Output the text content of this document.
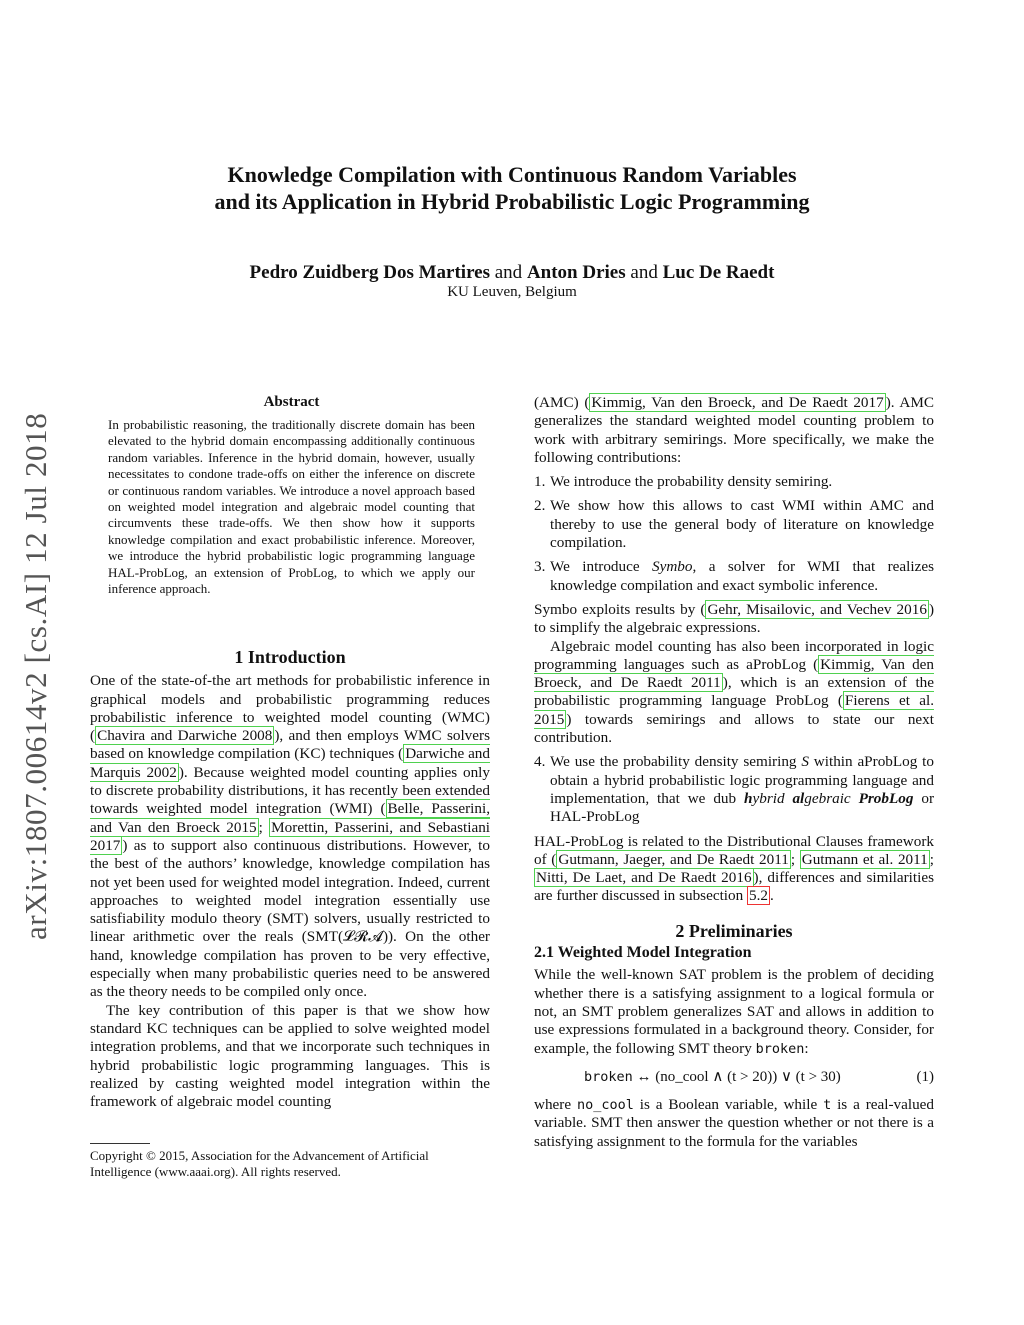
arXiv:1807.00614v2 [cs.AI] 12 Jul 2018
Knowledge Compilation with Continuous Random Variables
and its Application in Hybrid Probabilistic Logic Programming
Pedro Zuidberg Dos Martires and Anton Dries and Luc De Raedt
KU Leuven, Belgium
Abstract

In probabilistic reasoning, the traditionally discrete domain has been elevated to the hybrid domain encompassing additionally continuous random variables. Inference in the hybrid domain, however, usually necessitates to condone trade-offs on either the inference on discrete or continuous random variables. We introduce a novel approach based on weighted model integration and algebraic model counting that circumvents these trade-offs. We then show how it supports knowledge compilation and exact probabilistic inference. Moreover, we introduce the hybrid probabilistic logic programming language HAL-ProbLog, an extension of ProbLog, to which we apply our inference approach.

1 Introduction

One of the state-of-the art methods for probabilistic inference in graphical models and probabilistic programming reduces probabilistic inference to weighted model counting (WMC) ( Chavira and Darwiche 2008 ), and then employs WMC solvers based on knowledge compilation (KC) techniques ( Darwiche and Marquis 2002 ). Because weighted model counting applies only to discrete probability distributions, it has recently been extended towards weighted model integration (WMI) ( Belle, Passerini, and Van den Broeck 2015 ; Morettin, Passerini, and Sebastiani 2017 ) as to support also continuous distributions. However, to the best of the authors’ knowledge, knowledge compilation has not yet been used for weighted model integration. Indeed, current approaches to weighted model integration essentially use satisfiability modulo theory (SMT) solvers, usually restricted to linear arithmetic over the reals (SMT(𝓛𝓡𝓐)). On the other hand, knowledge compilation has proven to be very effective, especially when many probabilistic queries need to be answered as the theory needs to be compiled only once.

The key contribution of this paper is that we show how standard KC techniques can be applied to solve weighted model integration problems, and that we incorporate such techniques in hybrid probabilistic logic programming languages. This is realized by casting weighted model integration within the framework of algebraic model counting

Copyright © 2015, Association for the Advancement of Artificial Intelligence (www.aaai.org). All rights reserved.

(AMC) ( Kimmig, Van den Broeck, and De Raedt 2017 ). AMC generalizes the standard weighted model counting problem to work with arbitrary semirings. More specifically, we make the following contributions:

1. We introduce the probability density semiring.
2. We show how this allows to cast WMI within AMC and thereby to use the general body of literature on knowledge compilation.
3. We introduce Symbo, a solver for WMI that realizes knowledge compilation and exact symbolic inference.

Symbo exploits results by ( Gehr, Misailovic, and Vechev 2016 ) to simplify the algebraic expressions.

Algebraic model counting has also been incorporated in logic programming languages such as aProbLog ( Kimmig, Van den Broeck, and De Raedt 2011 ), which is an extension of the probabilistic programming language ProbLog ( Fierens et al. 2015 ) towards semirings and allows to state our next contribution.

4. We use the probability density semiring S within aProbLog to obtain a hybrid probabilistic logic programming language and implementation, that we dub hybrid algebraic ProbLog or HAL-ProbLog

HAL-ProbLog is related to the Distributional Clauses framework of ( Gutmann, Jaeger, and De Raedt 2011 ; Gutmann et al. 2011 ; Nitti, De Laet, and De Raedt 2016 ), differences and similarities are further discussed in subsection 5.2 .

2 Preliminaries
2.1 Weighted Model Integration

While the well-known SAT problem is the problem of deciding whether there is a satisfying assignment to a logical formula or not, an SMT problem generalizes SAT and allows in addition to use expressions formulated in a background theory. Consider, for example, the following SMT theory broken:

broken ↔ (no_cool ∧ (t > 20)) ∨ (t > 30)	(1)

where no_cool is a Boolean variable, while t is a real-valued variable. SMT then answer the question whether or not there is a satisfying assignment to the formula for the variables
